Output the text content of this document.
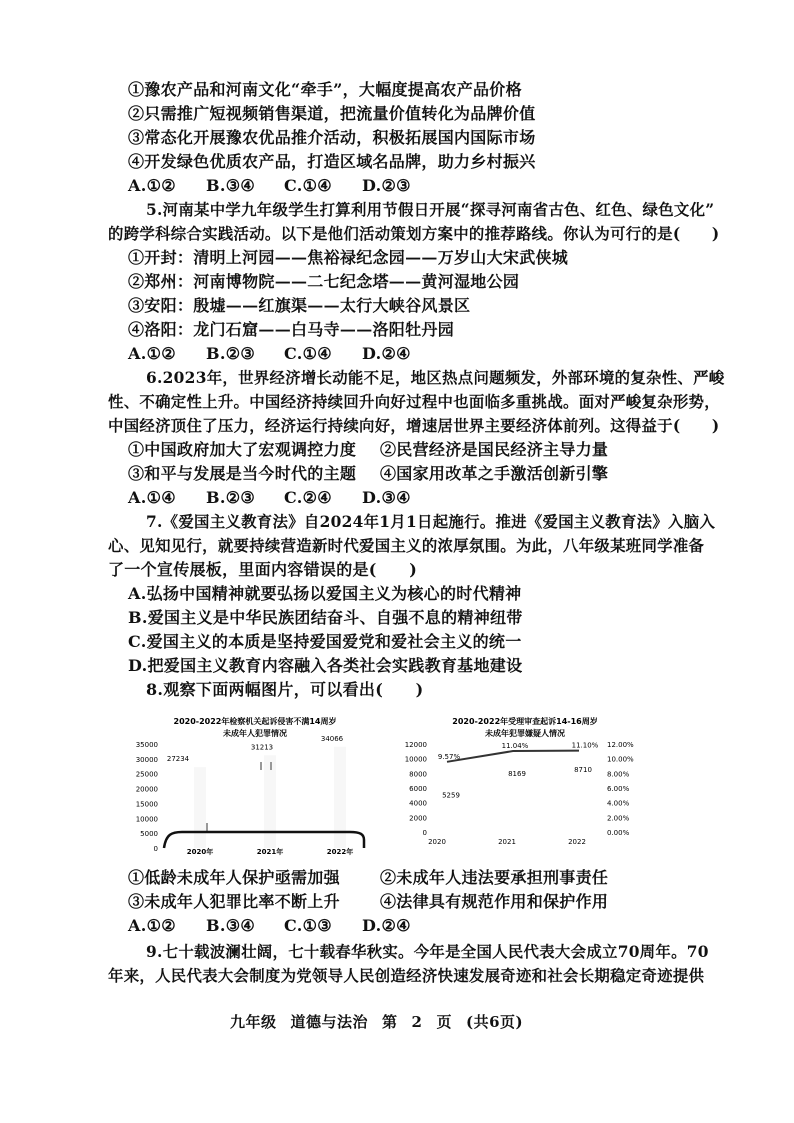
①豫农产品和河南文化“牵手”，大幅度提高农产品价格
②只需推广短视频销售渠道，把流量价值转化为品牌价值
③常态化开展豫农优品推介活动，积极拓展国内国际市场
④开发绿色优质农产品，打造区域名品牌，助力乡村振兴
A.①② B.③④ C.①④ D.②③
5.河南某中学九年级学生打算利用节假日开展“探寻河南省古色、红色、绿色文化”
的跨学科综合实践活动。以下是他们活动策划方案中的推荐路线。你认为可行的是(　　)
①开封：清明上河园——焦裕禄纪念园——万岁山大宋武侠城
②郑州：河南博物院——二七纪念塔——黄河湿地公园
③安阳：殷墟——红旗渠——太行大峡谷风景区
④洛阳：龙门石窟——白马寺——洛阳牡丹园
A.①② B.②③ C.①④ D.②④
6.2023年，世界经济增长动能不足，地区热点问题频发，外部环境的复杂性、严峻
性、不确定性上升。中国经济持续回升向好过程中也面临多重挑战。面对严峻复杂形势，
中国经济顶住了压力，经济运行持续向好，增速居世界主要经济体前列。这得益于(　　)
①中国政府加大了宏观调控力度 ②民营经济是国民经济主导力量
③和平与发展是当今时代的主题 ④国家用改革之手激活创新引擎
A.①④ B.②③ C.②④ D.③④
7.《爱国主义教育法》自2024年1月1日起施行。推进《爱国主义教育法》入脑入
心、见知见行，就要持续营造新时代爱国主义的浓厚氛围。为此，八年级某班同学准备
了一个宣传展板，里面内容错误的是(　　)
A.弘扬中国精神就要弘扬以爱国主义为核心的时代精神
B.爱国主义是中华民族团结奋斗、自强不息的精神纽带
C.爱国主义的本质是坚持爱国爱党和爱社会主义的统一
D.把爱国主义教育内容融入各类社会实践教育基地建设
8.观察下面两幅图片，可以看出(　　)
2020-2022年检察机关起诉侵害不满14周岁
未成年人犯罪情况
35000
30000
25000
20000
15000
10000
5000
0
27234
31213
34066
2020年	2021年	2022年
2020-2022年受理审查起诉14-16周岁
未成年犯罪嫌疑人情况
12000
10000
8000
6000
4000
2000
0
12.00%
10.00%
8.00%
6.00%
4.00%
2.00%
0.00%
9.57%
11.04%	11.10%
5259
8169	8710
2020	2021	2022
①低龄未成年人保护亟需加强	②未成年人违法要承担刑事责任
③未成年人犯罪比率不断上升	④法律具有规范作用和保护作用
A.①② B.③④ C.①③ D.②④
9.七十载波澜壮阔，七十载春华秋实。今年是全国人民代表大会成立70周年。70
年来，人民代表大会制度为党领导人民创造经济快速发展奇迹和社会长期稳定奇迹提供
九年级 道德与法治 第 2 页 (共6页)
